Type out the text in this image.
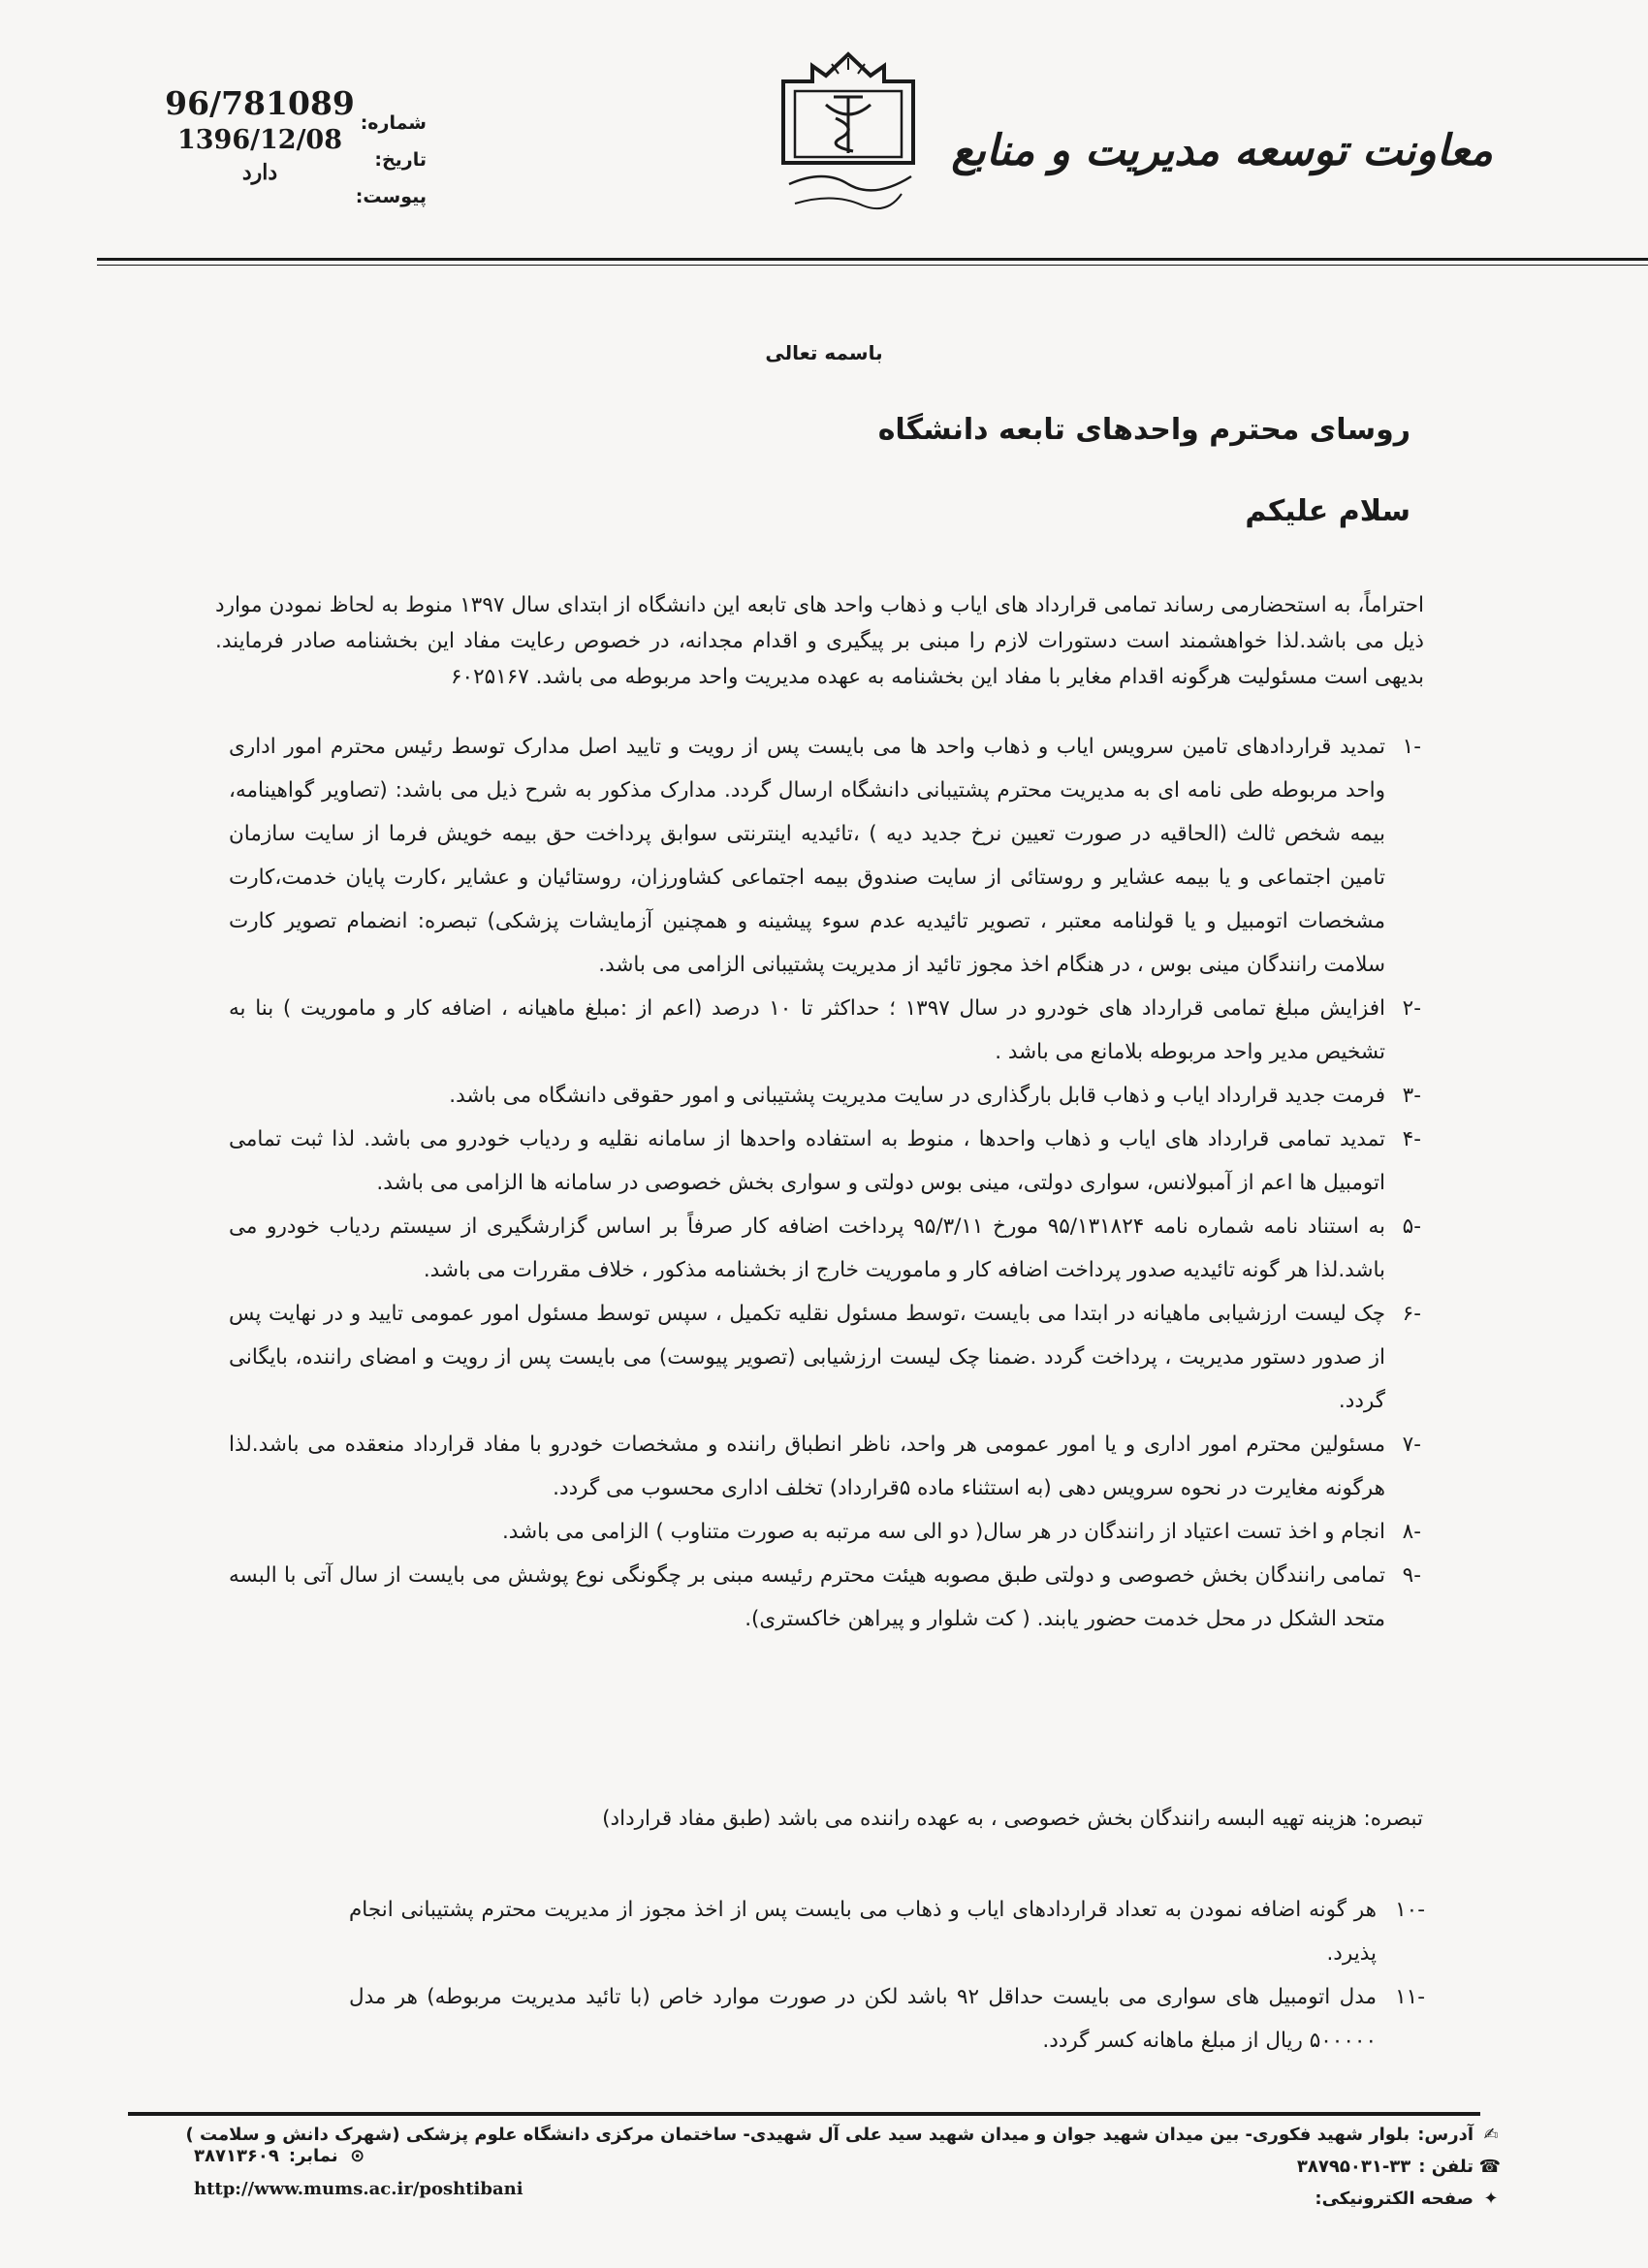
شماره:
تاریخ:
پیوست:
96/781089
1396/12/08
دارد	معاونت توسعه مدیریت و منابع
باسمه تعالی
روسای محترم واحدهای تابعه دانشگاه
سلام علیکم
احتراماً، به استحضارمی رساند تمامی قرارداد های ایاب و ذهاب واحد های تابعه این دانشگاه از ابتدای سال ۱۳۹۷ منوط به لحاظ نمودن موارد ذیل می باشد.لذا خواهشمند است دستورات لازم را مبنی بر پیگیری و اقدام مجدانه، در خصوص رعایت مفاد این بخشنامه صادر فرمایند. بدیهی است مسئولیت هرگونه اقدام مغایر با مفاد این بخشنامه به عهده مدیریت واحد مربوطه می باشد. ۶۰۲۵۱۶۷
-۱
تمدید قراردادهای تامین سرویس ایاب و ذهاب واحد ها می بایست پس از رویت و تایید اصل مدارک توسط رئیس محترم امور اداری واحد مربوطه طی نامه ای به مدیریت محترم پشتیبانی دانشگاه ارسال گردد. مدارک مذکور به شرح ذیل می باشد: (تصاویر گواهینامه، بیمه شخص ثالث (الحاقیه در صورت تعیین نرخ جدید دیه ) ،تائیدیه اینترنتی سوابق پرداخت حق بیمه خویش فرما از سایت سازمان تامین اجتماعی و یا بیمه عشایر و روستائی از سایت صندوق بیمه اجتماعی کشاورزان، روستائیان و عشایر ،کارت پایان خدمت،کارت مشخصات اتومبیل و یا قولنامه معتبر ، تصویر تائیدیه عدم سوء پیشینه و همچنین آزمایشات پزشکی) تبصره: انضمام تصویر کارت سلامت رانندگان مینی بوس ، در هنگام اخذ مجوز تائید از مدیریت پشتیبانی الزامی می باشد.
-۲
افزایش مبلغ تمامی قرارداد های خودرو در سال ۱۳۹۷ ؛ حداکثر تا ۱۰ درصد (اعم از :مبلغ ماهیانه ، اضافه کار و ماموریت ) بنا به تشخیص مدیر واحد مربوطه بلامانع می باشد .
-۳
فرمت جدید قرارداد ایاب و ذهاب قابل بارگذاری در سایت مدیریت پشتیبانی و امور حقوقی دانشگاه می باشد.
-۴
تمدید تمامی قرارداد های ایاب و ذهاب واحدها ، منوط به استفاده واحدها از سامانه نقلیه و ردیاب خودرو می باشد. لذا ثبت تمامی اتومبیل ها اعم از آمبولانس، سواری دولتی، مینی بوس دولتی و سواری بخش خصوصی در سامانه ها الزامی می باشد.
-۵
به استناد نامه شماره نامه ۹۵/۱۳۱۸۲۴ مورخ ۹۵/۳/۱۱ پرداخت اضافه کار صرفاً بر اساس گزارشگیری از سیستم ردیاب خودرو می باشد.لذا هر گونه تائیدیه صدور پرداخت اضافه کار و ماموریت خارج از بخشنامه مذکور ، خلاف مقررات می باشد.
-۶
چک لیست ارزشیابی ماهیانه در ابتدا می بایست ،توسط مسئول نقلیه تکمیل ، سپس توسط مسئول امور عمومی تایید و در نهایت پس از صدور دستور مدیریت ، پرداخت گردد .ضمنا چک لیست ارزشیابی (تصویر پیوست) می بایست پس از رویت و امضای راننده، بایگانی گردد.
-۷
مسئولین محترم امور اداری و یا امور عمومی هر واحد، ناظر انطباق راننده و مشخصات خودرو با مفاد قرارداد منعقده می باشد.لذا هرگونه مغایرت در نحوه سرویس دهی (به استثناء ماده ۵قرارداد) تخلف اداری محسوب می گردد.
-۸
انجام و اخذ تست اعتیاد از رانندگان در هر سال( دو الی سه مرتبه به صورت متناوب ) الزامی می باشد.
-۹
تمامی رانندگان بخش خصوصی و دولتی طبق مصوبه هیئت محترم رئیسه مبنی بر چگونگی نوع پوشش می بایست از سال آتی با البسه متحد الشکل در محل خدمت حضور یابند. ( کت شلوار و پیراهن خاکستری).
تبصره: هزینه تهیه البسه رانندگان بخش خصوصی ، به عهده راننده می باشد (طبق مفاد قرارداد)
-۱۰
هر گونه اضافه نمودن به تعداد قراردادهای ایاب و ذهاب می بایست پس از اخذ مجوز از مدیریت محترم پشتیبانی انجام پذیرد.
-۱۱
مدل اتومبیل های سواری می بایست حداقل ۹۲ باشد لکن در صورت موارد خاص (با تائید مدیریت مربوطه) هر مدل ۵۰۰۰۰۰ ریال از مبلغ ماهانه کسر گردد.
✍
آدرس:
بلوار شهید فکوری- بین میدان شهید جوان و میدان شهید سید علی آل شهیدی- ساختمان مرکزی دانشگاه علوم پزشکی (شهرک دانش و سلامت )
☎
تلفن :
۳۸۷۹۵۰۳۱-۳۳
✦
صفحه الکترونیکی:
⊙
نمابر:
۳۸۷۱۳۶۰۹
http://www.mums.ac.ir/poshtibani
